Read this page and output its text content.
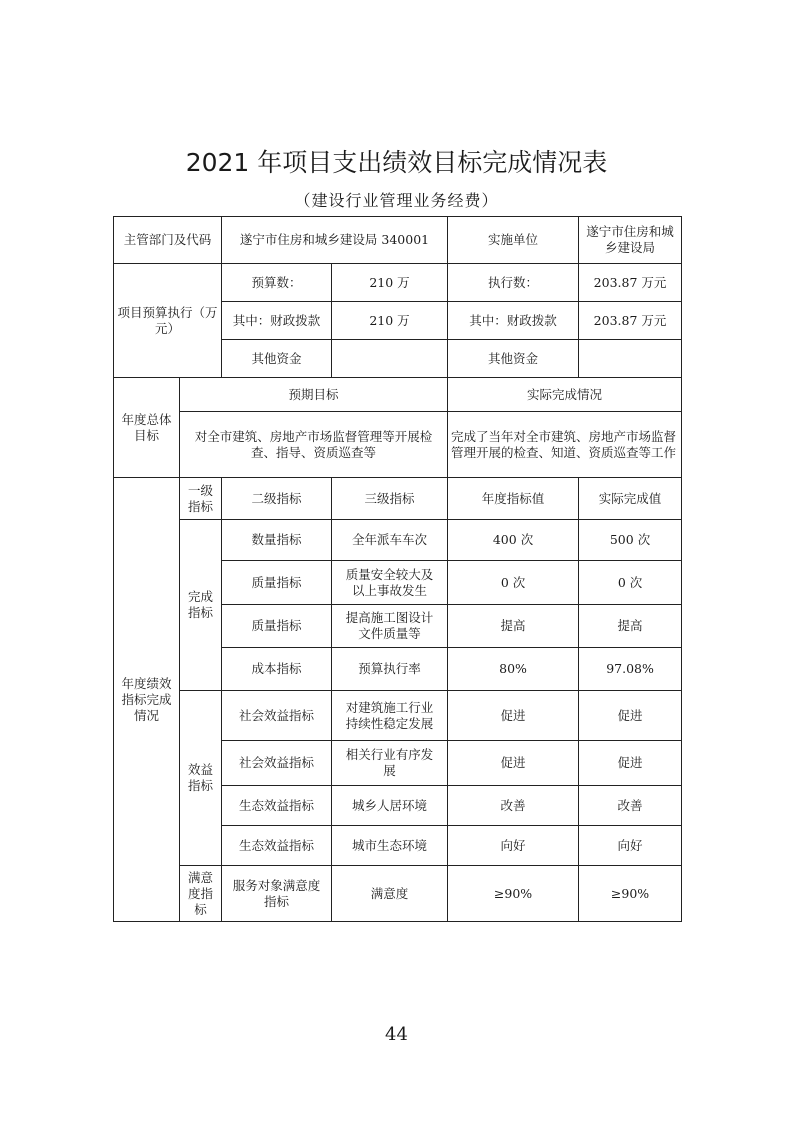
2021 年项目支出绩效目标完成情况表
（建设行业管理业务经费）
主管部门及代码		遂宁市住房和城乡建设局 340001		实施单位	遂宁市住房和城乡建设局
项目预算执行（万元）		预算数：	210 万	执行数：	203.87 万元
		其中：财政拨款	210 万	其中：财政拨款	203.87 万元
		其他资金		其他资金	
年度总体目标	预期目标			实际完成情况	
	对全市建筑、房地产市场监督管理等开展检查、指导、资质巡查等			完成了当年对全市建筑、房地产市场监督管理开展的检查、知道、资质巡查等工作	
年度绩效指标完成情况	一级指标	二级指标	三级指标	年度指标值	实际完成值
	完成指标	数量指标	全年派车车次	400 次	500 次
		质量指标	质量安全较大及以上事故发生	0 次	0 次
		质量指标	提高施工图设计文件质量等	提高	提高
		成本指标	预算执行率	80%	97.08%
	效益指标	社会效益指标	对建筑施工行业持续性稳定发展	促进	促进
		社会效益指标	相关行业有序发展	促进	促进
		生态效益指标	城乡人居环境	改善	改善
		生态效益指标	城市生态环境	向好	向好
	满意度指标	服务对象满意度指标	满意度	≥90%	≥90%
44
